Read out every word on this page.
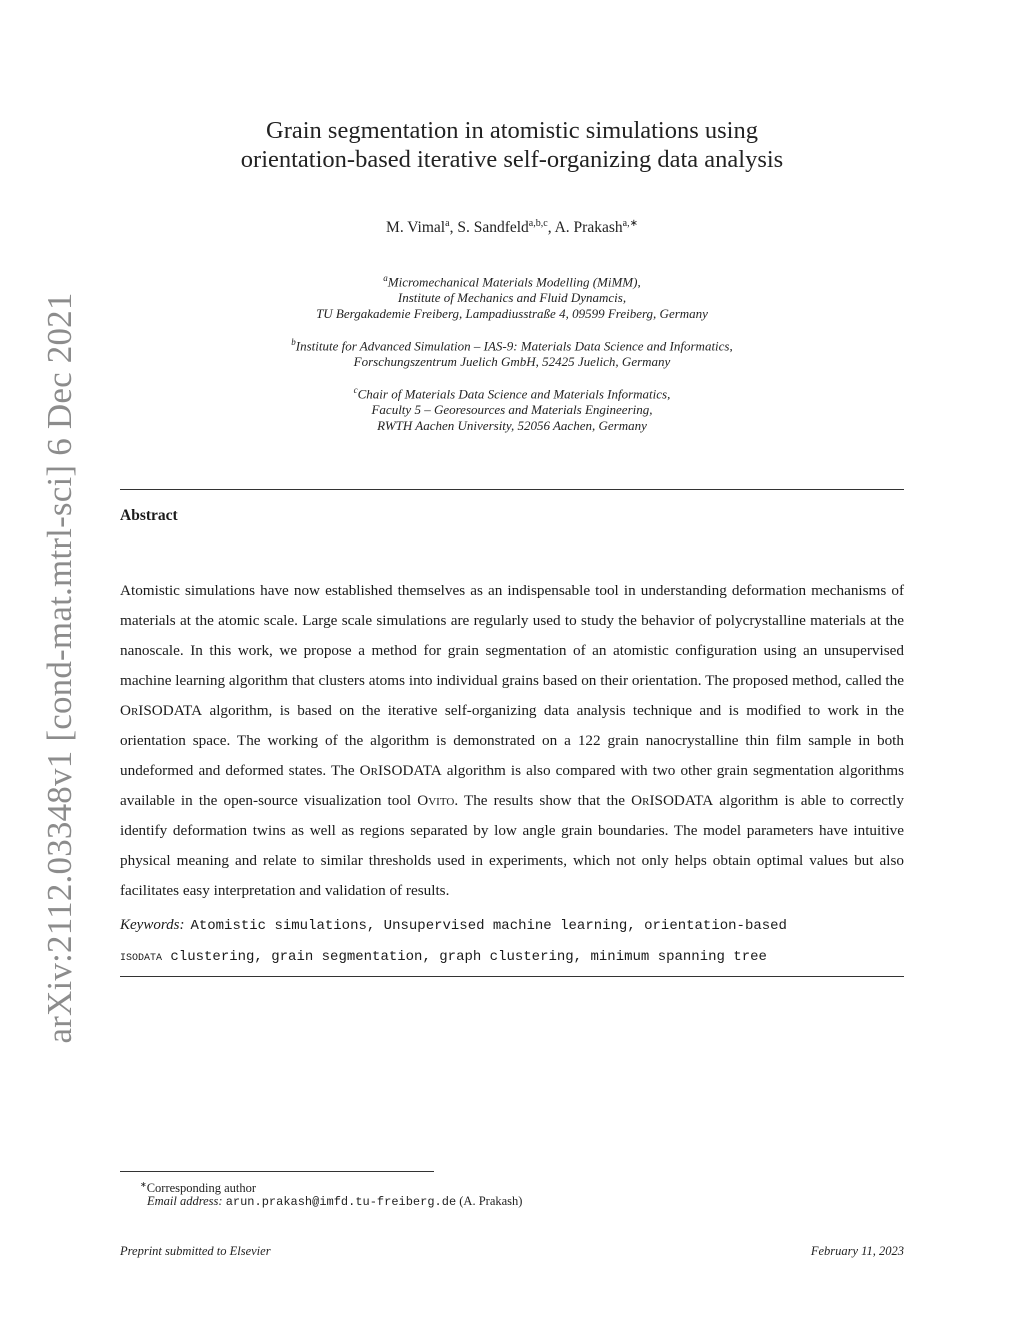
arXiv:2112.03348v1 [cond-mat.mtrl-sci] 6 Dec 2021
Grain segmentation in atomistic simulations using
orientation-based iterative self-organizing data analysis
M. Vimal$^a$, S. Sandfeld$^{a,b,c}$, A. Prakash$^{a,∗}$
$^a$Micromechanical Materials Modelling (MiMM),
Institute of Mechanics and Fluid Dynamcis,
TU Bergakademie Freiberg, Lampadiusstraße 4, 09599 Freiberg, Germany
$^b$Institute for Advanced Simulation – IAS-9: Materials Data Science and Informatics,
Forschungszentrum Juelich GmbH, 52425 Juelich, Germany
$^c$Chair of Materials Data Science and Materials Informatics,
Faculty 5 – Georesources and Materials Engineering,
RWTH Aachen University, 52056 Aachen, Germany
Abstract
Atomistic simulations have now established themselves as an indispensable tool in understanding deformation mechanisms of materials at the atomic scale. Large scale simulations are regularly used to study the behavior of polycrystalline materials at the nanoscale. In this work, we propose a method for grain segmentation of an atomistic configuration using an unsupervised machine learning algorithm that clusters atoms into individual grains based on their orientation. The proposed method, called the OrISODATA algorithm, is based on the iterative self-organizing data analysis technique and is modified to work in the orientation space. The working of the algorithm is demonstrated on a 122 grain nanocrystalline thin film sample in both undeformed and deformed states. The OrISODATA algorithm is also compared with two other grain segmentation algorithms available in the open-source visualization tool Ovito. The results show that the OrISODATA algorithm is able to correctly identify deformation twins as well as regions separated by low angle grain boundaries. The model parameters have intuitive physical meaning and relate to similar thresholds used in experiments, which not only helps obtain optimal values but also facilitates easy interpretation and validation of results.
Keywords: Atomistic simulations, Unsupervised machine learning, orientation-based
isodata clustering, grain segmentation, graph clustering, minimum spanning tree
∗Corresponding author
Email address: arun.prakash@imfd.tu-freiberg.de (A. Prakash)
Preprint submitted to Elsevier	February 11, 2023
